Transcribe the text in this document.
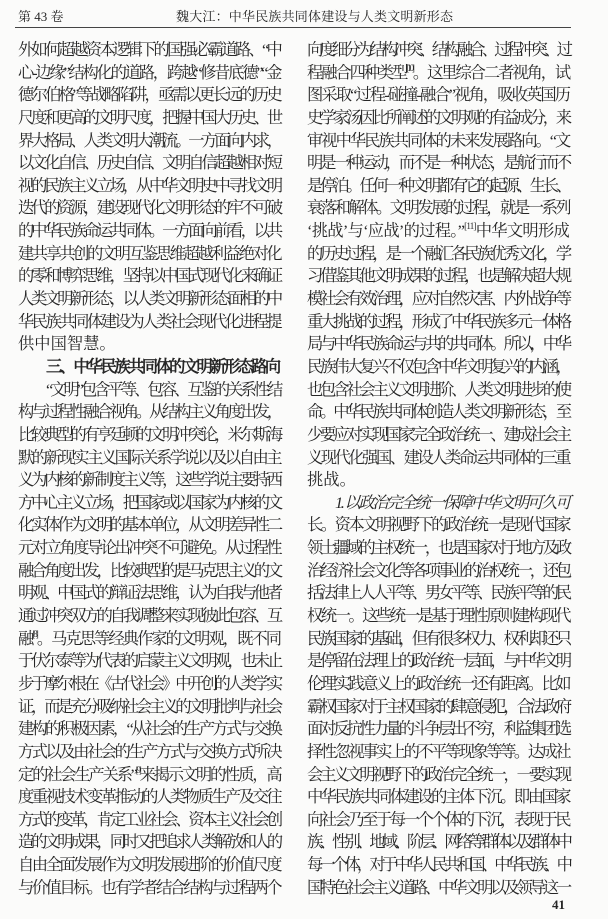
第 43 卷	魏大江：中华民族共同体建设与人类文明新形态
外如何超越资本逻辑下的国强必霸道路、“中
心-边缘”结构化的道路，跨越“修昔底德”“金
德尔伯格”等战略陷阱，亟需以更长远的历史
尺度和更高的文明尺度，把握中国大历史、世
界大格局、人类文明大潮流。一方面向内求，
以文化自信、历史自信、文明自信超越相对短
视的民族主义立场，从中华文明史中寻找文明
迭代的资源，建设现代化文明形态的牢不可破
的中华民族命运共同体。一方面向前看，以共
建共享共创的文明互鉴思维超越利益绝对化
的零和博弈思维，坚持以中国式现代化来确证
人类文明新形态，以人类文明新形态面相的中
华民族共同体建设为人类社会现代化进程提
供中国智慧。
三、中华民族共同体的文明新形态路向
“文明”包含平等、包容、互鉴的关系性结
构与过程性融合视角。从结构主义角度出发，
比较典型的有亨廷顿的文明冲突论，米尔斯海
默的新现实主义国际关系学说以及以自由主
义为内核的新制度主义等，这些学说主要持西
方中心主义立场，把国家或以国家为内核的文
化实体作为文明的基本单位，从文明差异性二
元对立角度导论出冲突不可避免。从过程性
融合角度出发，比较典型的是马克思主义的文
明观、中国式的辩证法思维，认为自我与他者
通过冲突双方的自我调整来实现彼此包容、互
融[8]。马克思等经典作家的文明观，既不同
于伏尔泰等为代表的启蒙主义文明观，也未止
步于摩尔根在《古代社会》中开创的人类学实
证，而是充分吸纳社会主义的文明批判与社会
建构的积极因素，“从社会的生产方式与交换
方式以及由社会的生产方式与交换方式所决
定的社会生产关系”[9]来揭示文明的性质，高
度重视技术变革推动的人类物质生产及交往
方式的变革，肯定工业社会、资本主义社会创
造的文明成果，同时又把追求人类解放和人的
自由全面发展作为文明发展进阶的价值尺度
与价值目标。也有学者结合结构与过程两个
向度细分为结构冲突、结构融合、过程冲突、过
程融合四种类型[10]。这里综合二者视角，试
图采取“过程-碰撞-融合”视角，吸收英国历
史学家汤因比所阐述的文明观的有益成分，来
审视中华民族共同体的未来发展路向。“文
明是一种运动，而不是一种状态，是航行而不
是停泊。任何一种文明都有它的起源、生长、
衰落和解体。文明发展的过程，就是一系列
‘挑战’与‘应战’的过程。”[11]中华文明形成
的历史过程，是一个融汇各民族优秀文化，学
习借鉴其他文明成果的过程，也是解决超大规
模社会有效治理，应对自然灾害、内外战争等
重大挑战的过程，形成了中华民族多元一体格
局与中华民族命运与共的共同体。所以，中华
民族伟大复兴不仅包含中华文明复兴的内涵，
也包含社会主义文明进阶、人类文明进步的使
命。中华民族共同体创造人类文明新形态，至
少要应对实现国家完全政治统一、建成社会主
义现代化强国、建设人类命运共同体的三重
挑战。
1. 以政治完全统一保障中华文明可久可
长。资本文明视野下的政治统一是现代国家
领土疆域的主权统一，也是国家对于地方及政
治经济社会文化等各项事业的治权统一，还包
括法律上人人平等、男女平等、民族平等的民
权统一。这些统一是基于理性原则建构现代
民族国家的基础，但有很多权力、权利却还只
是停留在法理上的政治统一层面，与中华文明
伦理实践意义上的政治统一还有距离。比如
霸权国家对于主权国家的肆意侵犯，合法政府
面对反抗性力量的斗争层出不穷，利益集团选
择性忽视事实上的不平等现象等等。达成社
会主义文明视野下的政治完全统一，一要实现
中华民族共同体建设的主体下沉。即由国家
向社会乃至于每一个个体的下沉，表现于民
族、性别、地域、阶层、网络等群体以及群体中
每一个体，对于中华人民共和国、中华民族、中
国特色社会主义道路、中华文明以及领导这一
41
